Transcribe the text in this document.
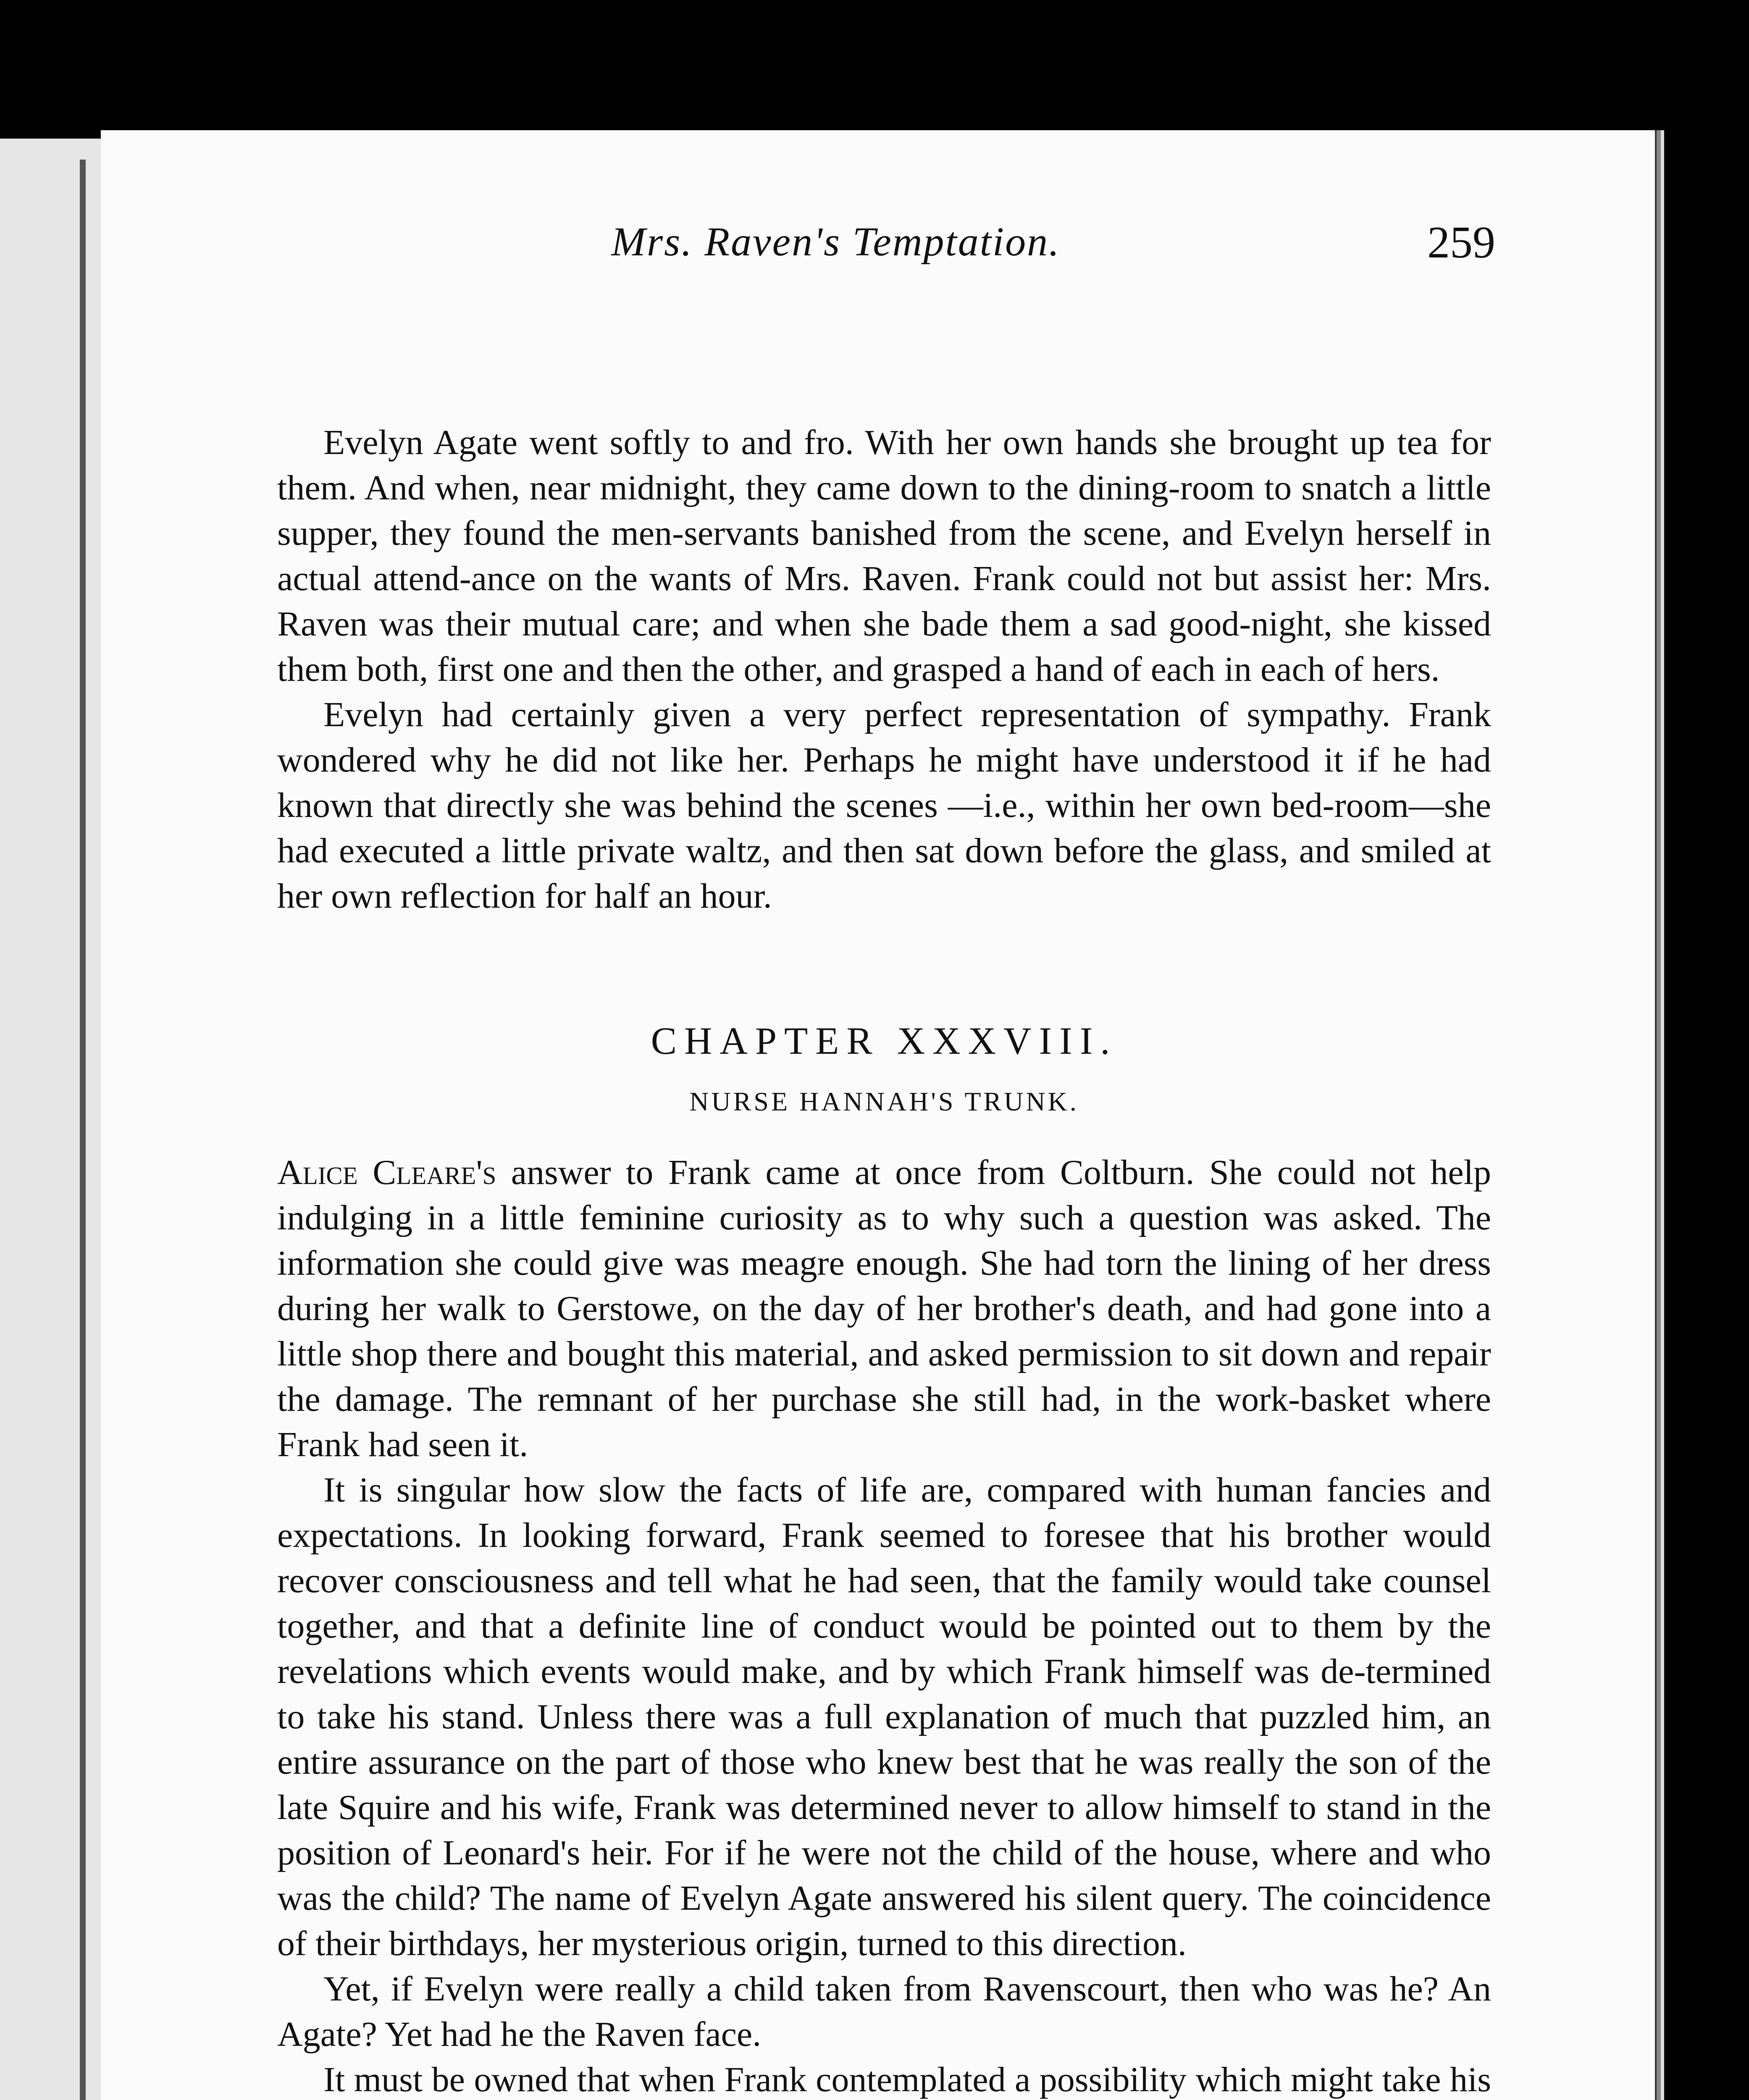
Mrs. Raven's Temptation.	259

Evelyn Agate went softly to and fro. With her own hands she brought up tea for them. And when, near midnight, they came down to the dining-room to snatch a little supper, they found the men-servants banished from the scene, and Evelyn herself in actual attend-ance on the wants of Mrs. Raven. Frank could not but assist her: Mrs. Raven was their mutual care; and when she bade them a sad good-night, she kissed them both, first one and then the other, and grasped a hand of each in each of hers.

Evelyn had certainly given a very perfect representation of sympathy. Frank wondered why he did not like her. Perhaps he might have understood it if he had known that directly she was behind the scenes —i.e., within her own bed-room—she had executed a little private waltz, and then sat down before the glass, and smiled at her own reflection for half an hour.

CHAPTER XXXVIII.
NURSE HANNAH'S TRUNK.

Alice Cleare's answer to Frank came at once from Coltburn. She could not help indulging in a little feminine curiosity as to why such a question was asked. The information she could give was meagre enough. She had torn the lining of her dress during her walk to Gerstowe, on the day of her brother's death, and had gone into a little shop there and bought this material, and asked permission to sit down and repair the damage. The remnant of her purchase she still had, in the work-basket where Frank had seen it.

It is singular how slow the facts of life are, compared with human fancies and expectations. In looking forward, Frank seemed to foresee that his brother would recover consciousness and tell what he had seen, that the family would take counsel together, and that a definite line of conduct would be pointed out to them by the revelations which events would make, and by which Frank himself was de-termined to take his stand. Unless there was a full explanation of much that puzzled him, an entire assurance on the part of those who knew best that he was really the son of the late Squire and his wife, Frank was determined never to allow himself to stand in the position of Leonard's heir. For if he were not the child of the house, where and who was the child? The name of Evelyn Agate answered his silent query. The coincidence of their birthdays, her mysterious origin, turned to this direction.

Yet, if Evelyn were really a child taken from Ravenscourt, then who was he? An Agate? Yet had he the Raven face.

It must be owned that when Frank contemplated a possibility which might take his
